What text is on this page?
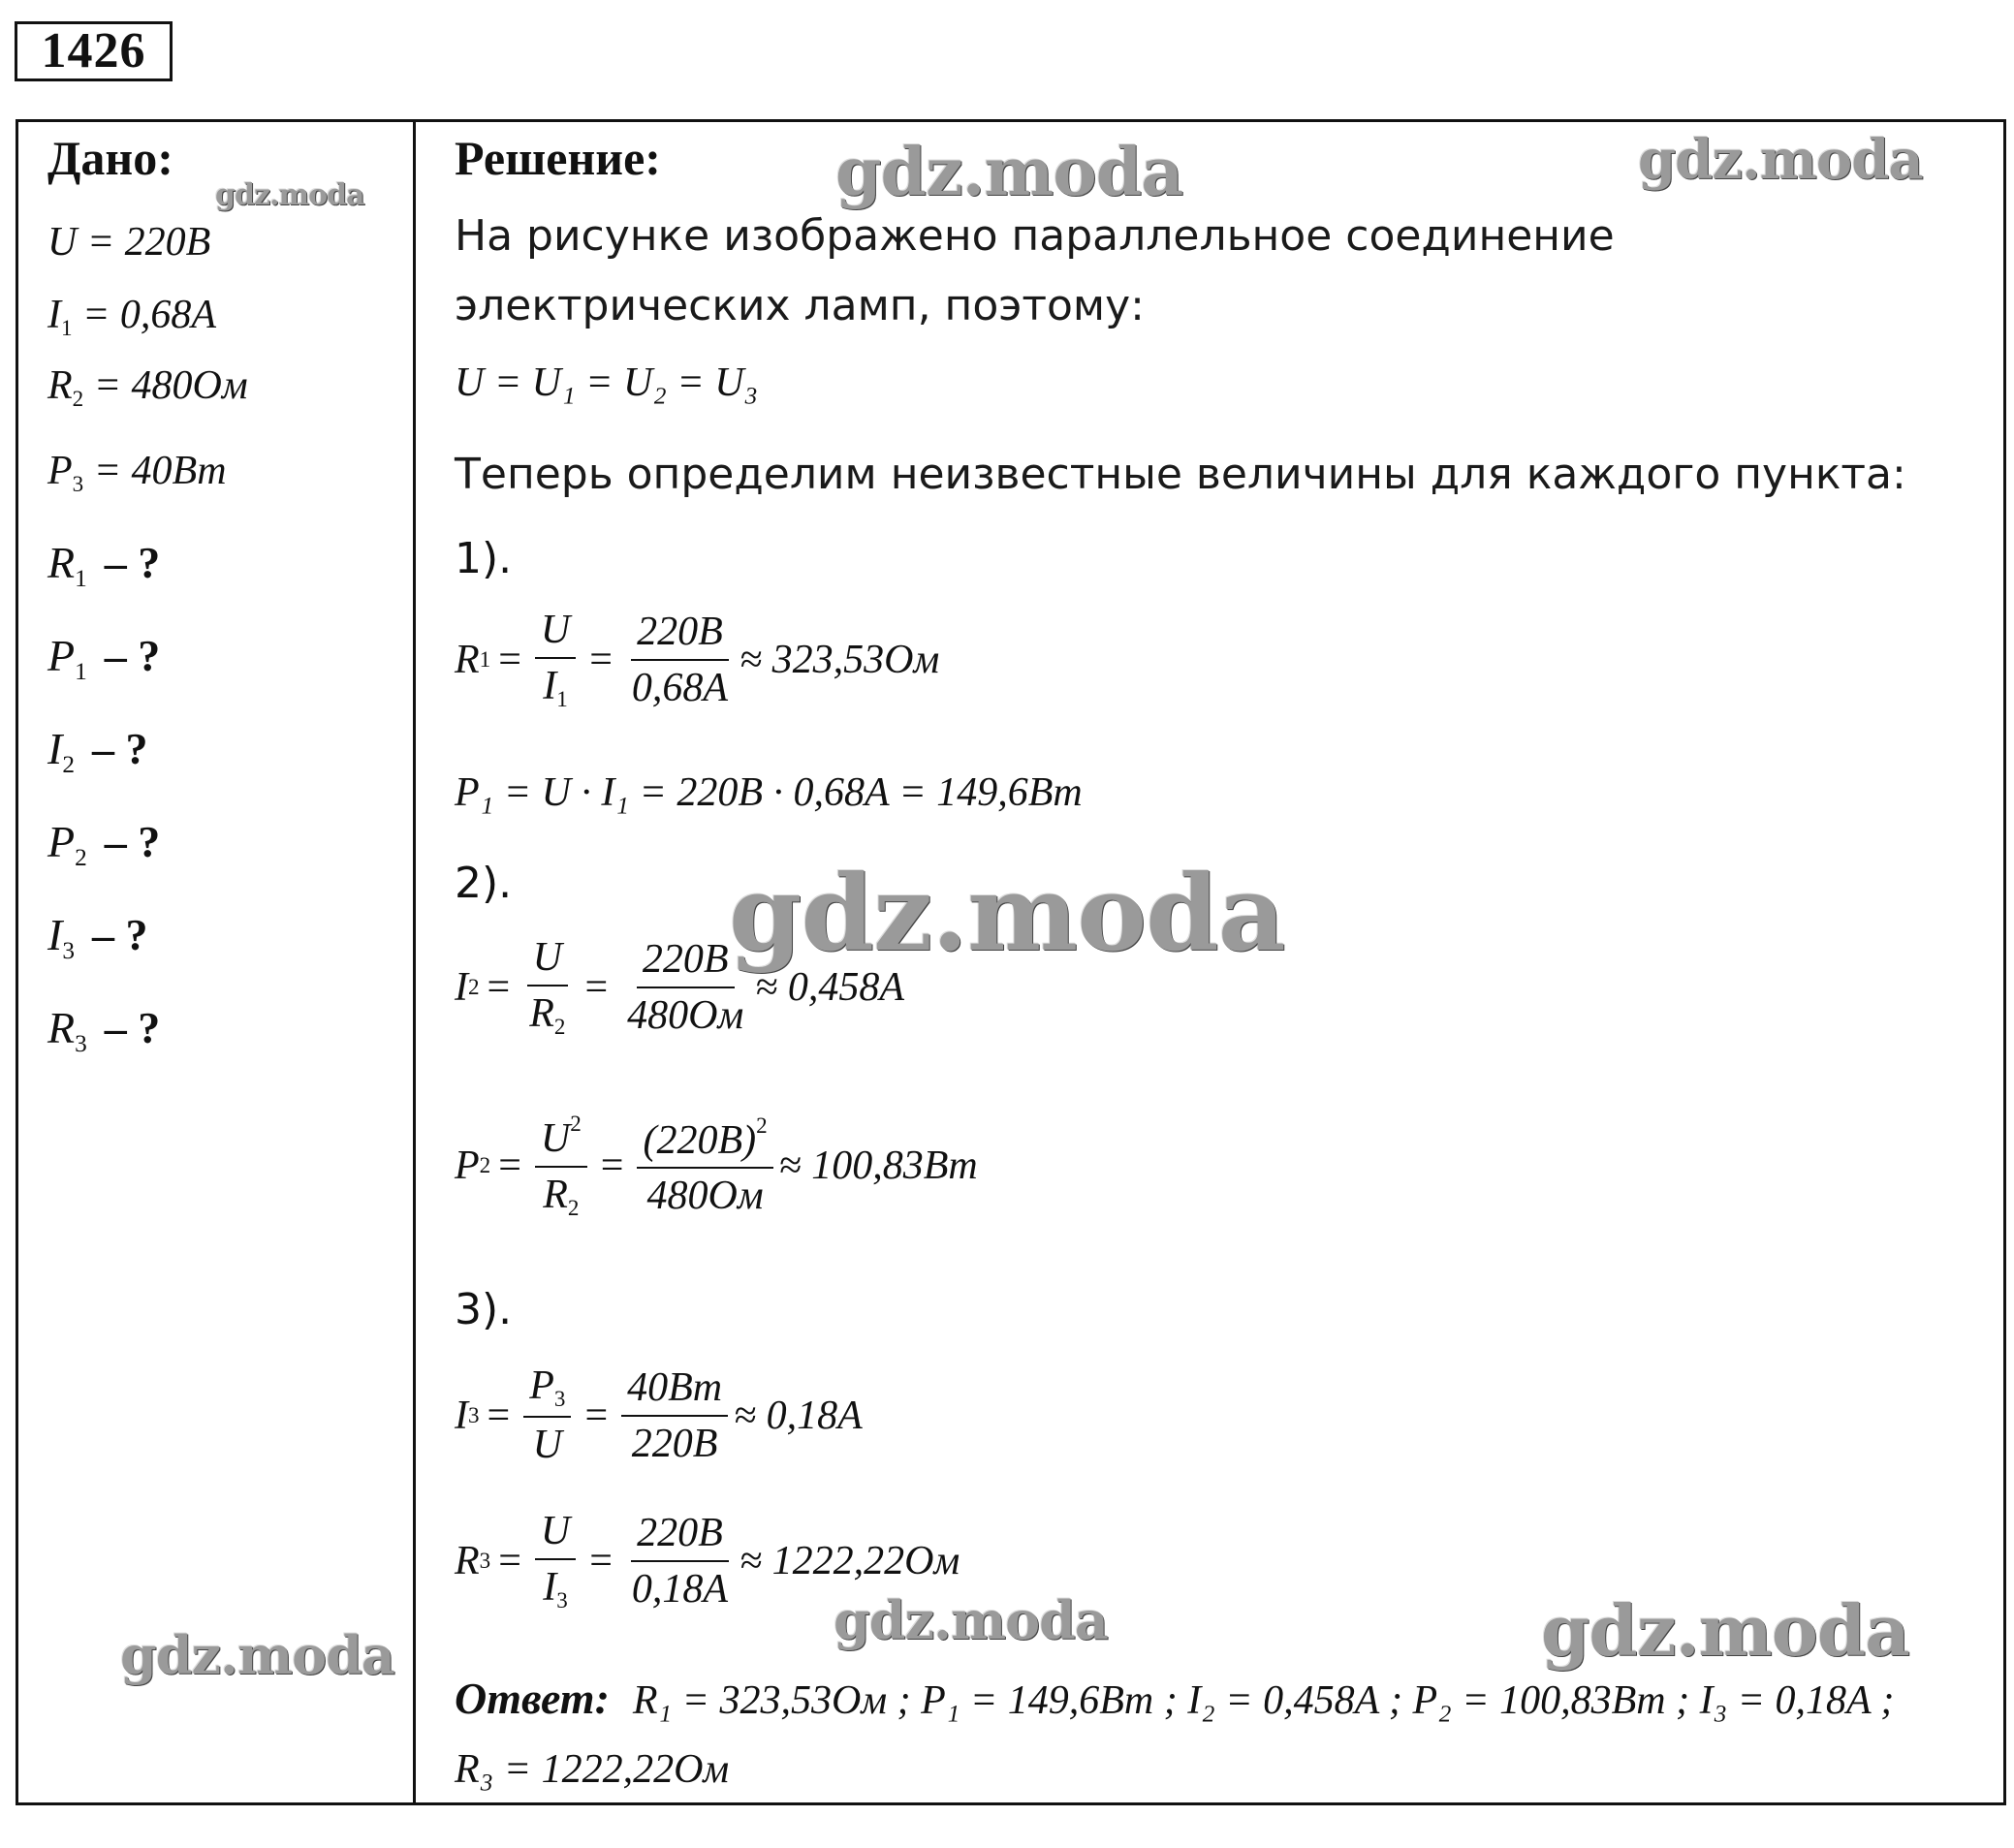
1426
Дано:
U = 220B
$I_1 = 0,68A$
$R_2 = 480Ом$
$P_3 = 40Bm$
$R_1$ – ?
$P_1$ – ?
$I_2$ – ?
$P_2$ – ?
$I_3$ – ?
$R_3$ – ?
Решение:
На рисунке изображено параллельное соединение
электрических ламп, поэтому:
U = U₁ = U₂ = U₃
Теперь определим неизвестные величины для каждого пункта:
1).
R $1 = \frac{U}{I_1} = \frac{220B}{0,68A} \approx 323,53Ом$
P₁ = U · I₁ = 220B · 0,68A = 149,6Bm
2).
I $2 = \frac{U}{R_2} = \frac{220B}{480Ом} \approx 0,458A$
P $2 = \frac{U^2}{R_2} = \frac{(220B)^2}{480Ом} \approx 100,83Bm$
3).
I $3 = \frac{P_3}{U} = \frac{40Bm}{220B} \approx 0,18A$
R $3 = \frac{U}{I_3} = \frac{220B}{0,18A} \approx 1222,22Ом$
Ответ: R₁ = 323,53Ом ; P₁ = 149,6Bm ; I₂ = 0,458A ; P₂ = 100,83Bm ; I₃ = 0,18A ;
R₃ = 1222,22Ом
gdz.moda	gdz.moda	gdz.moda
gdz.moda
gdz.moda	gdz.moda
gdz.moda
